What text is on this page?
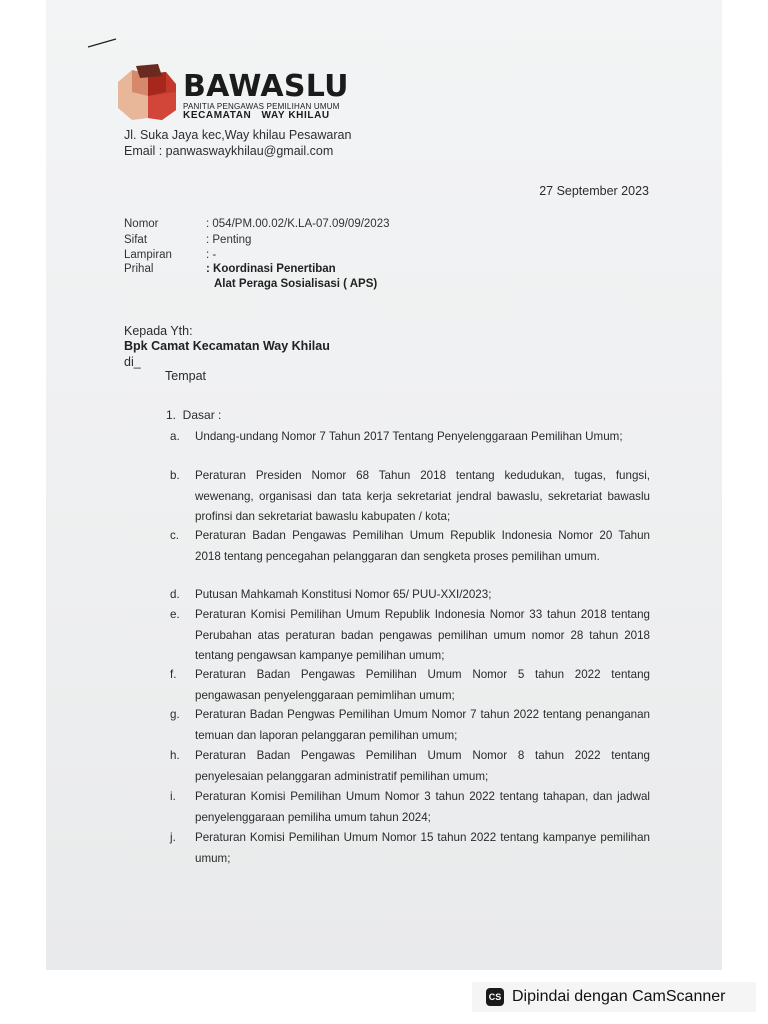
BAWASLU
PANITIA PENGAWAS PEMILIHAN UMUM
KECAMATAN   WAY KHILAU
Jl. Suka Jaya kec,Way khilau Pesawaran
Email : panwaswaykhilau@gmail.com
27 September 2023
Nomor	: 054/PM.00.02/K.LA-07.09/09/2023
Sifat	: Penting
Lampiran	: -
Prihal	: Koordinasi Penertiban
Alat Peraga Sosialisasi ( APS)
Kepada Yth:
Bpk Camat Kecamatan Way Khilau
di_
Tempat
1.  Dasar :
a.	Undang-undang Nomor 7 Tahun 2017 Tentang Penyelenggaraan Pemilihan Umum;
b.	Peraturan Presiden Nomor 68 Tahun 2018 tentang kedudukan, tugas, fungsi, wewenang, organisasi dan tata kerja sekretariat jendral bawaslu, sekretariat bawaslu profinsi dan sekretariat bawaslu kabupaten / kota;
c.	Peraturan Badan Pengawas Pemilihan Umum Republik Indonesia Nomor 20 Tahun 2018 tentang pencegahan pelanggaran dan sengketa proses pemilihan umum.
d.	Putusan Mahkamah Konstitusi Nomor 65/ PUU-XXI/2023;
e.	Peraturan Komisi Pemilihan Umum Republik Indonesia Nomor 33 tahun 2018 tentang Perubahan atas peraturan badan pengawas pemilihan umum nomor 28 tahun 2018 tentang pengawsan kampanye pemilihan umum;
f.	Peraturan Badan Pengawas Pemilihan Umum Nomor 5 tahun 2022 tentang pengawasan penyelenggaraan pemimlihan umum;
g.	Peraturan Badan Pengwas Pemilihan Umum Nomor 7 tahun 2022 tentang penanganan temuan dan laporan pelanggaran pemilihan umum;
h.	Peraturan Badan Pengawas Pemilihan Umum Nomor 8 tahun 2022 tentang penyelesaian pelanggaran administratif pemilihan umum;
i.	Peraturan Komisi Pemilihan Umum Nomor 3 tahun 2022 tentang tahapan, dan jadwal penyelenggaraan pemiliha umum tahun 2024;
j.	Peraturan Komisi Pemilihan Umum Nomor 15 tahun 2022 tentang kampanye pemilihan umum;
CS Dipindai dengan CamScanner
